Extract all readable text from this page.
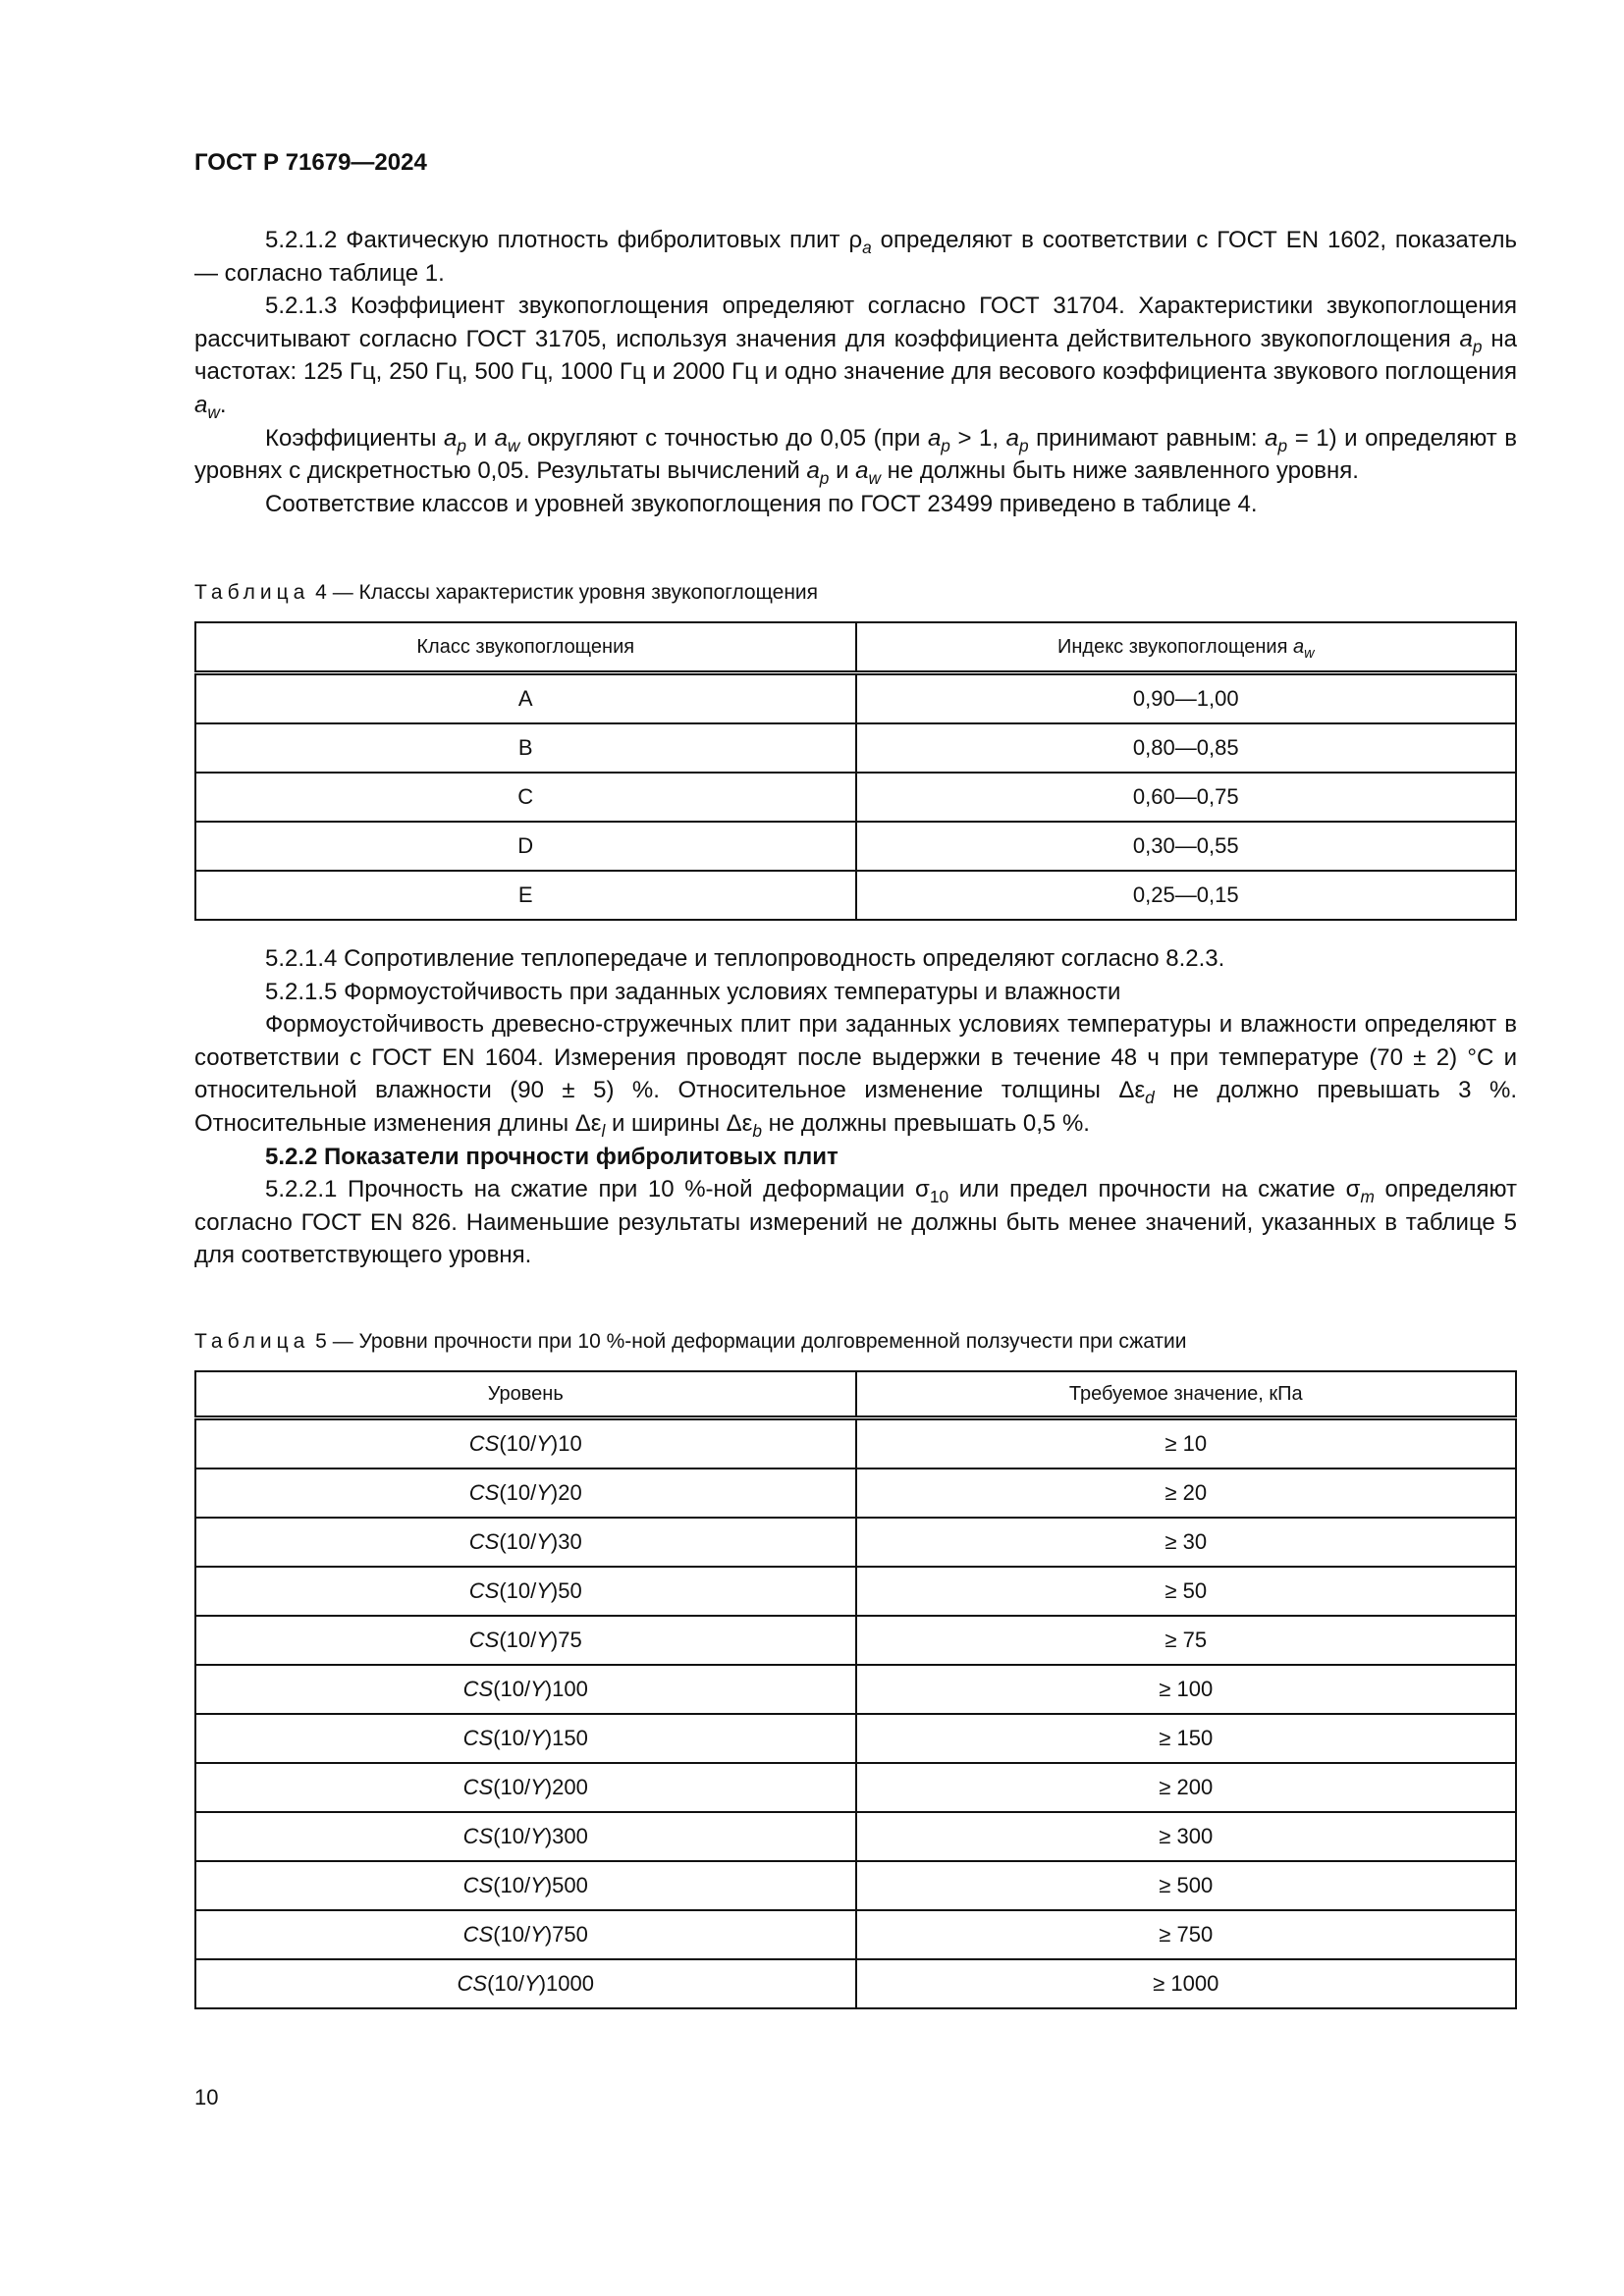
ГОСТ Р 71679—2024

5.2.1.2 Фактическую плотность фибролитовых плит $\rho_a$ определяют в соответствии с ГОСТ EN 1602, показатель — согласно таблице 1.

5.2.1.3 Коэффициент звукопоглощения определяют согласно ГОСТ 31704. Характеристики звукопоглощения рассчитывают согласно ГОСТ 31705, используя значения для коэффициента действительного звукопоглощения $a_p$ на частотах: 125 Гц, 250 Гц, 500 Гц, 1000 Гц и 2000 Гц и одно значение для весового коэффициента звукового поглощения $a_w$.

Коэффициенты $a_p$ и $a_w$ округляют с точностью до 0,05 (при $a_p > 1$, $a_p$ принимают равным: $a_p = 1$) и определяют в уровнях с дискретностью 0,05. Результаты вычислений $a_p$ и $a_w$ не должны быть ниже заявленного уровня.

Соответствие классов и уровней звукопоглощения по ГОСТ 23499 приведено в таблице 4.

Таблица 4 — Классы характеристик уровня звукопоглощения
Класс звукопоглощения	Индекс звукопоглощения $a_w$
A	0,90—1,00
B	0,80—0,85
C	0,60—0,75
D	0,30—0,55
E	0,25—0,15

5.2.1.4 Сопротивление теплопередаче и теплопроводность определяют согласно 8.2.3.

5.2.1.5 Формоустойчивость при заданных условиях температуры и влажности

Формоустойчивость древесно-стружечных плит при заданных условиях температуры и влажности определяют в соответствии с ГОСТ EN 1604. Измерения проводят после выдержки в течение 48 ч при температуре (70 ± 2) °С и относительной влажности (90 ± 5) %. Относительное изменение толщины $\Delta\varepsilon_d$ не должно превышать 3 %. Относительные изменения длины $\Delta\varepsilon_l$ и ширины $\Delta\varepsilon_b$ не должны превышать 0,5 %.

5.2.2 Показатели прочности фибролитовых плит

5.2.2.1 Прочность на сжатие при 10 %-ной деформации $\sigma_{10}$ или предел прочности на сжатие $\sigma_m$ определяют согласно ГОСТ EN 826. Наименьшие результаты измерений не должны быть менее значений, указанных в таблице 5 для соответствующего уровня.

Таблица 5 — Уровни прочности при 10 %-ной деформации долговременной ползучести при сжатии
Уровень	Требуемое значение, кПа
CS(10/Y)10	≥ 10
CS(10/Y)20	≥ 20
CS(10/Y)30	≥ 30
CS(10/Y)50	≥ 50
CS(10/Y)75	≥ 75
CS(10/Y)100	≥ 100
CS(10/Y)150	≥ 150
CS(10/Y)200	≥ 200
CS(10/Y)300	≥ 300
CS(10/Y)500	≥ 500
CS(10/Y)750	≥ 750
CS(10/Y)1000	≥ 1000
10
